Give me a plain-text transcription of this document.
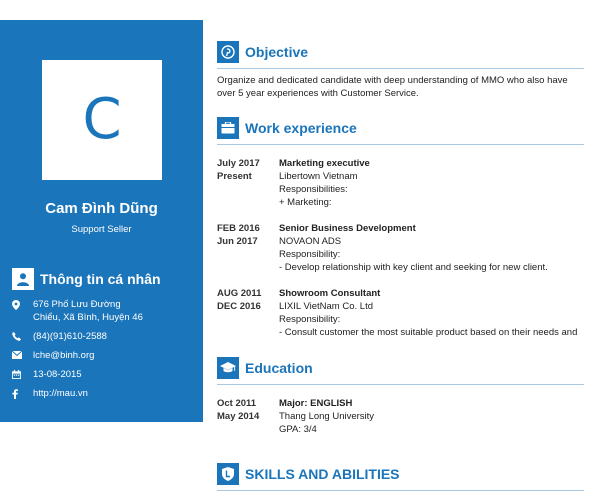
C
Cam Đình Dũng
Support Seller
Thông tin cá nhân
676 Phố Lưu Đường
Chiểu, Xã Bình, Huyện 46
(84)(91)610-2588
lche@binh.org
13-08-2015
http://mau.vn
Objective

Organize and dedicated candidate with deep understanding of MMO who also have over 5 year experiences with Customer Service.

Work experience
July 2017
Present
Marketing executive
Libertown Vietnam
Responsibilities:
+ Marketing:
FEB 2016
Jun 2017
Senior Business Development
NOVAON ADS
Responsibility:
- Develop relationship with key client and seeking for new client.
AUG 2011
DEC 2016
Showroom Consultant
LIXIL VietNam Co. Ltd
Responsibility:
- Consult customer the most suitable product based on their needs and
Education
Oct 2011
May 2014
Major: ENGLISH
Thang Long University
GPA: 3/4
SKILLS AND ABILITIES
